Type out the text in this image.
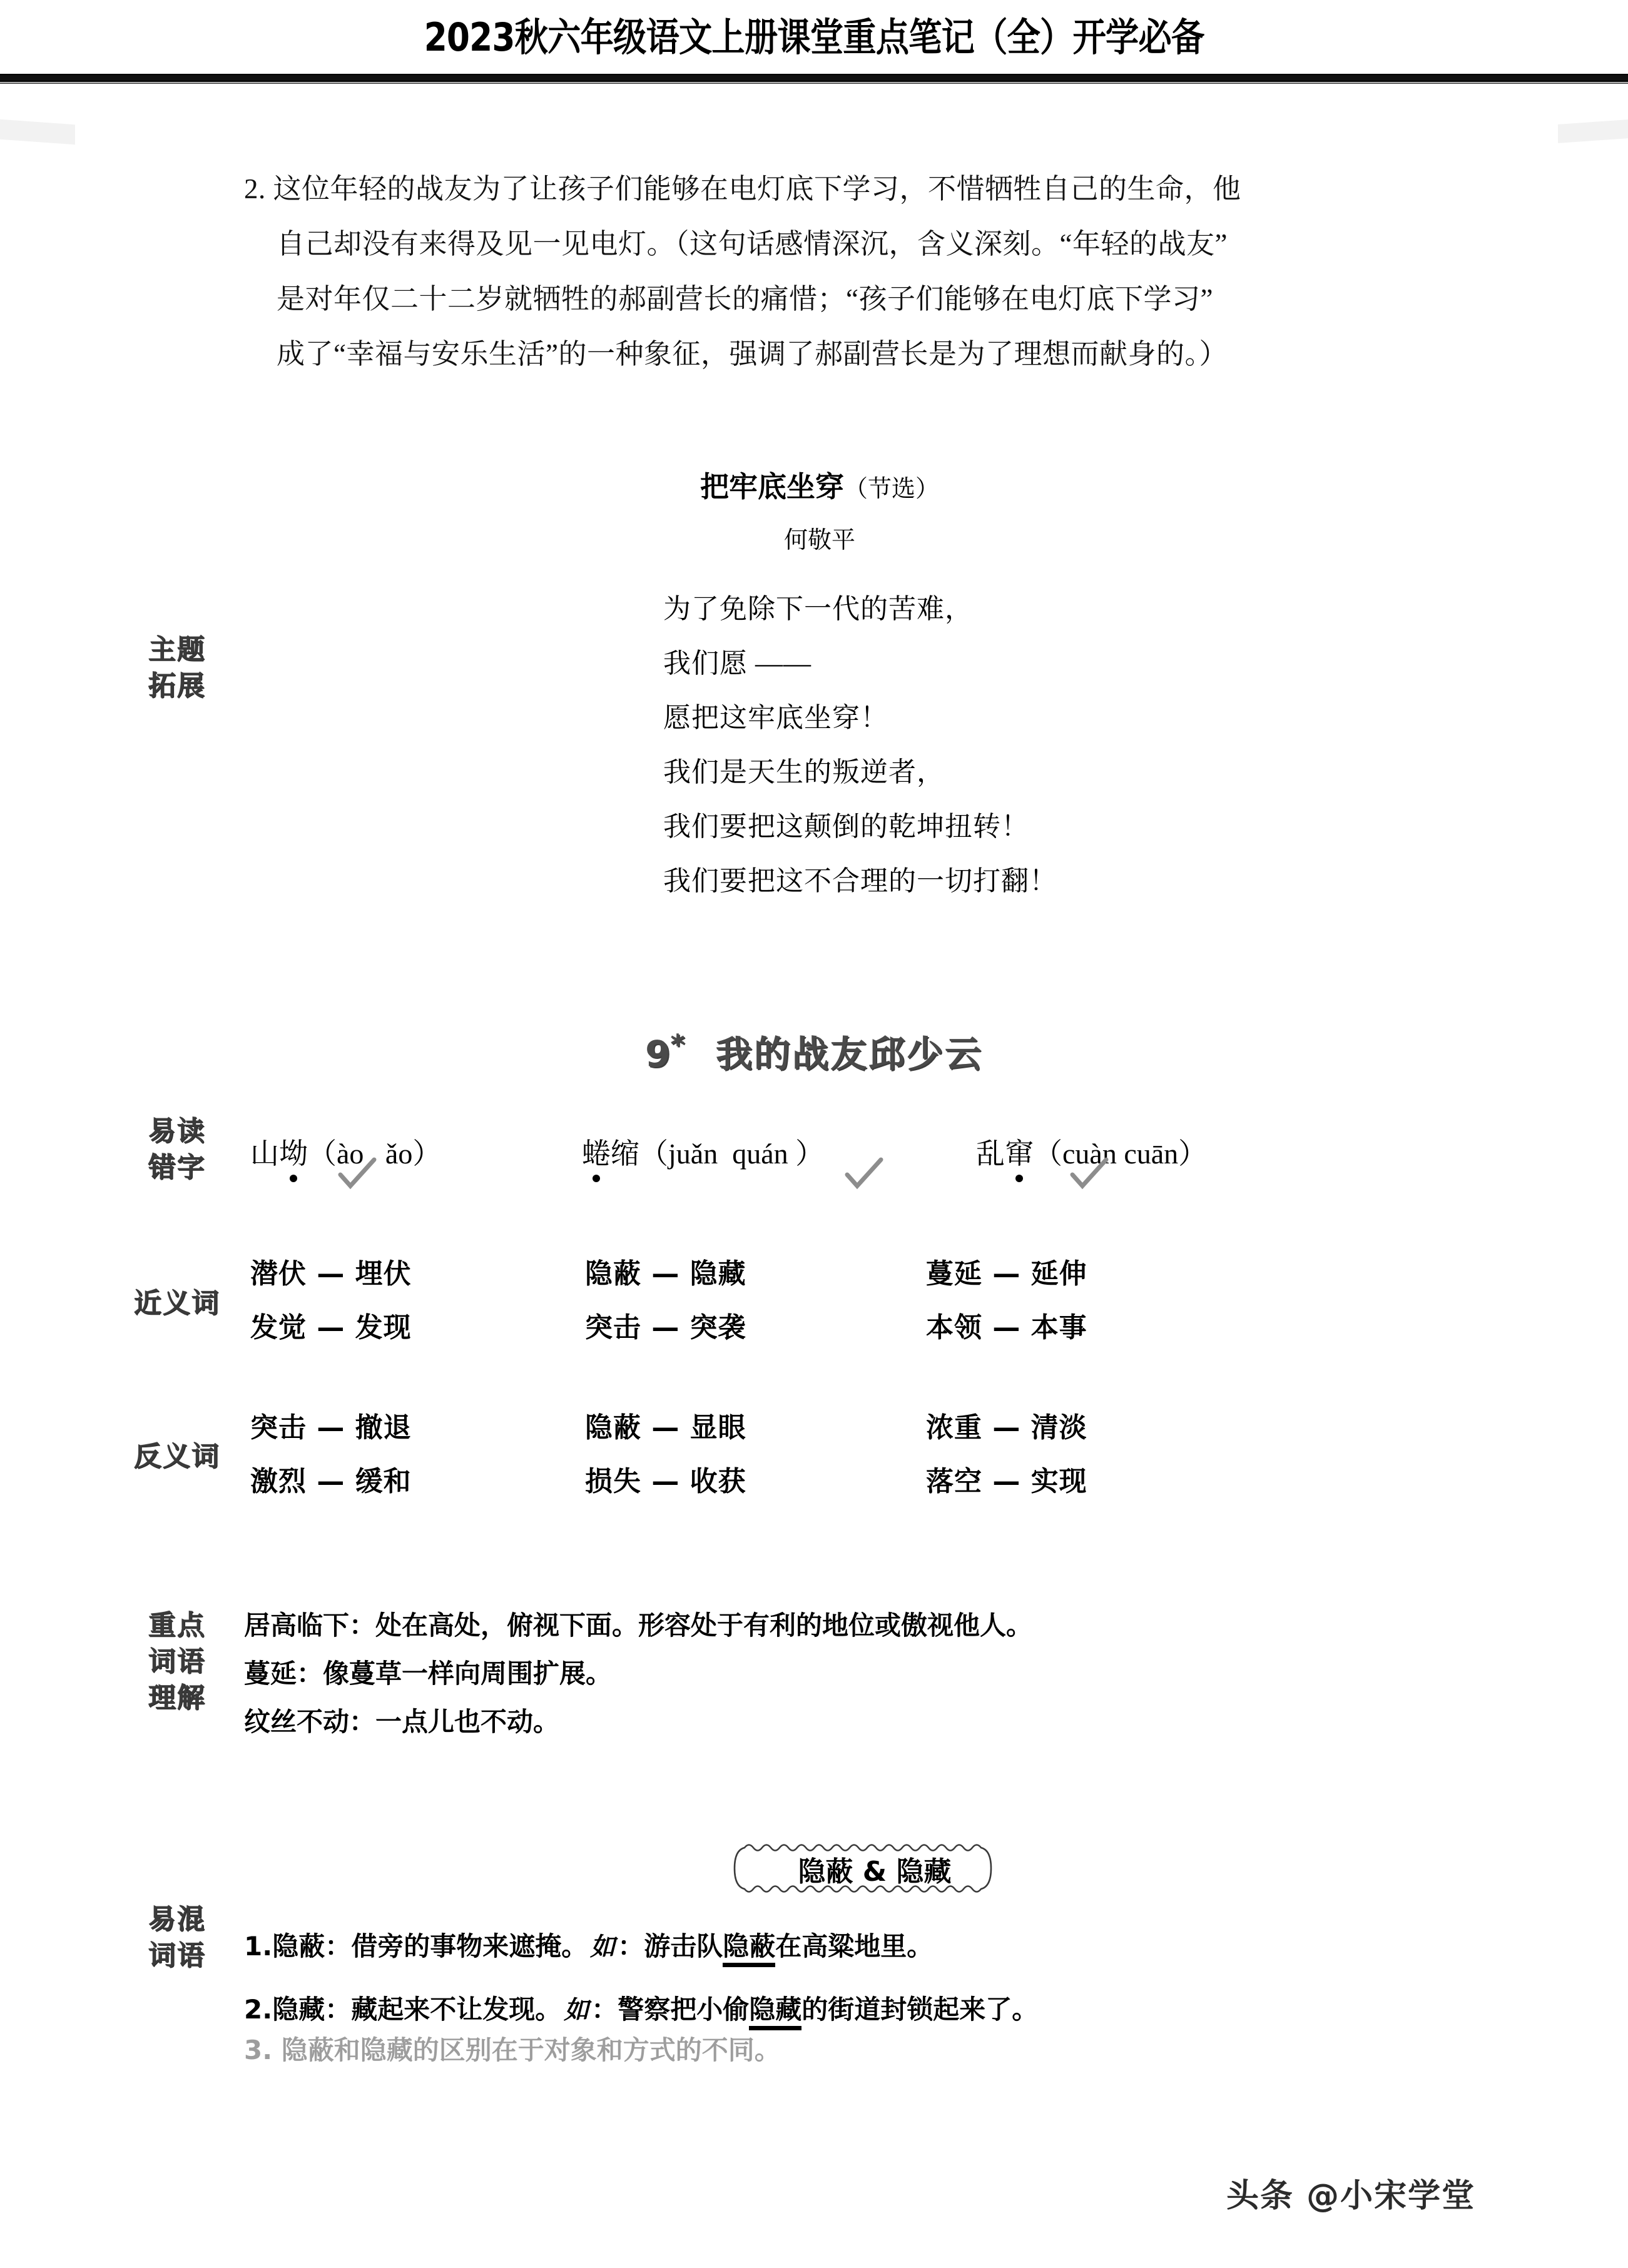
2023秋六年级语文上册课堂重点笔记（全）开学必备
2. 这位年轻的战友为了让孩子们能够在电灯底下学习，不惜牺牲自己的生命，他
自己却没有来得及见一见电灯。（这句话感情深沉，含义深刻。“年轻的战友”
是对年仅二十二岁就牺牲的郝副营长的痛惜；“孩子们能够在电灯底下学习”
成了“幸福与安乐生活”的一种象征，强调了郝副营长是为了理想而献身的。）
主题
拓展
把牢底坐穿（节选）
何敬平
为了免除下一代的苦难，
我们愿 ——
愿把这牢底坐穿！
我们是天生的叛逆者，
我们要把这颠倒的乾坤扭转！
我们要把这不合理的一切打翻！
9* 我的战友邱少云
易读
错字	山坳（ào   ǎo）	蜷缩（juǎn  quán ）	乱窜（cuàn cuān）
近义词
潜伏 — 埋伏	隐蔽 — 隐藏	蔓延 — 延伸
发觉 — 发现	突击 — 突袭	本领 — 本事
反义词
突击 — 撤退	隐蔽 — 显眼	浓重 — 清淡
激烈 — 缓和	损失 — 收获	落空 — 实现
重点
词语
理解
居高临下：处在高处，俯视下面。形容处于有利的地位或傲视他人。
蔓延：像蔓草一样向周围扩展。
纹丝不动：一点儿也不动。
易混
词语
隐蔽 & 隐藏
1.隐蔽：借旁的事物来遮掩。 如：游击队隐蔽在高粱地里。
2.隐藏：藏起来不让发现。 如：警察把小偷隐藏的街道封锁起来了。
3. 隐蔽和隐藏的区别在于对象和方式的不同。
头条 @小宋学堂
